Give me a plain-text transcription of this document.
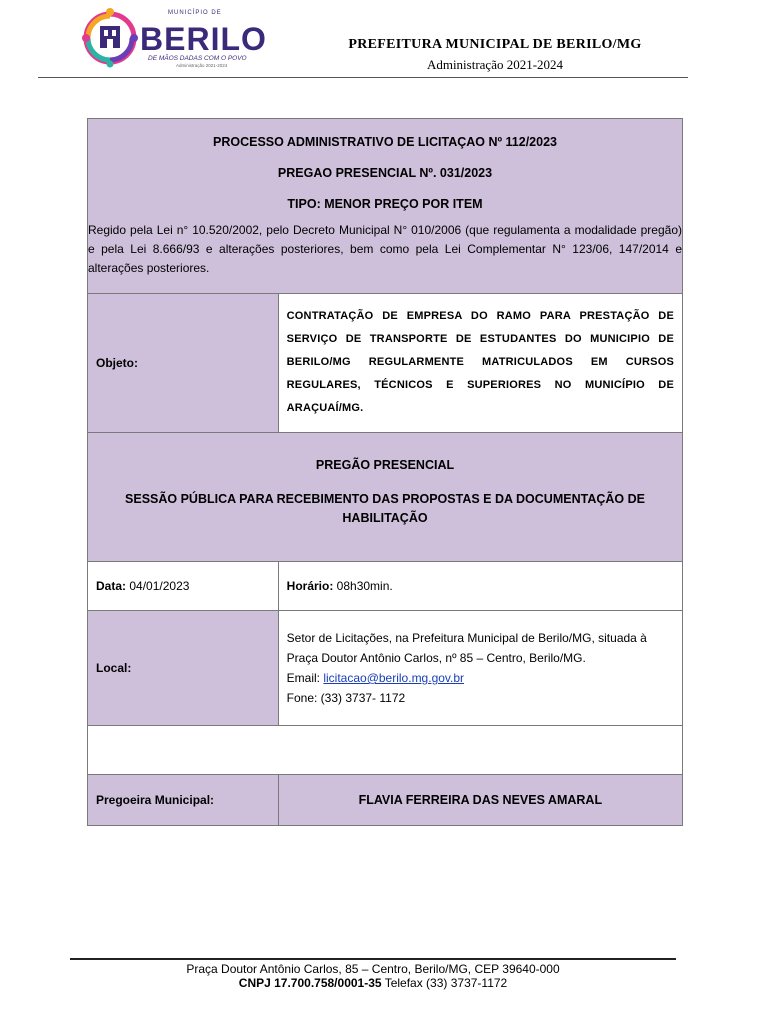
MUNICÍPIO DE
BERILO
DE MÃOS DADAS COM O POVO
Administração 2021-2024
PREFEITURA MUNICIPAL DE BERILO/MG
Administração 2021-2024
PROCESSO ADMINISTRATIVO DE LICITAÇAO Nº 112/2023
PREGAO PRESENCIAL Nº. 031/2023
TIPO: MENOR PREÇO POR ITEM
Regido pela Lei n° 10.520/2002, pelo Decreto Municipal N° 010/2006 (que regulamenta a modalidade pregão) e pela Lei 8.666/93 e alterações posteriores, bem como pela Lei Complementar N° 123/06, 147/2014 e alterações posteriores.	

Objeto:	CONTRATAÇÃO DE EMPRESA DO RAMO PARA PRESTAÇÃO DE SERVIÇO DE TRANSPORTE DE ESTUDANTES DO MUNICIPIO DE BERILO/MG REGULARMENTE MATRICULADOS EM CURSOS REGULARES, TÉCNICOS E SUPERIORES NO MUNICÍPIO DE ARAÇUAÍ/MG.

PREGÃO PRESENCIAL
SESSÃO PÚBLICA PARA RECEBIMENTO DAS PROPOSTAS E DA DOCUMENTAÇÃO DE HABILITAÇÃO	

Data: 04/01/2023	Horário: 08h30min.
Local:	Setor de Licitações, na Prefeitura Municipal de Berilo/MG, situada à Praça Doutor Antônio Carlos, nº 85 – Centro, Berilo/MG.
Email: licitacao@berilo.mg.gov.br
Fone: (33) 3737- 1172

Pregoeira Municipal:	FLAVIA FERREIRA DAS NEVES AMARAL
Praça Doutor Antônio Carlos, 85 – Centro, Berilo/MG, CEP 39640-000
CNPJ 17.700.758/0001-35 Telefax (33) 3737-1172
